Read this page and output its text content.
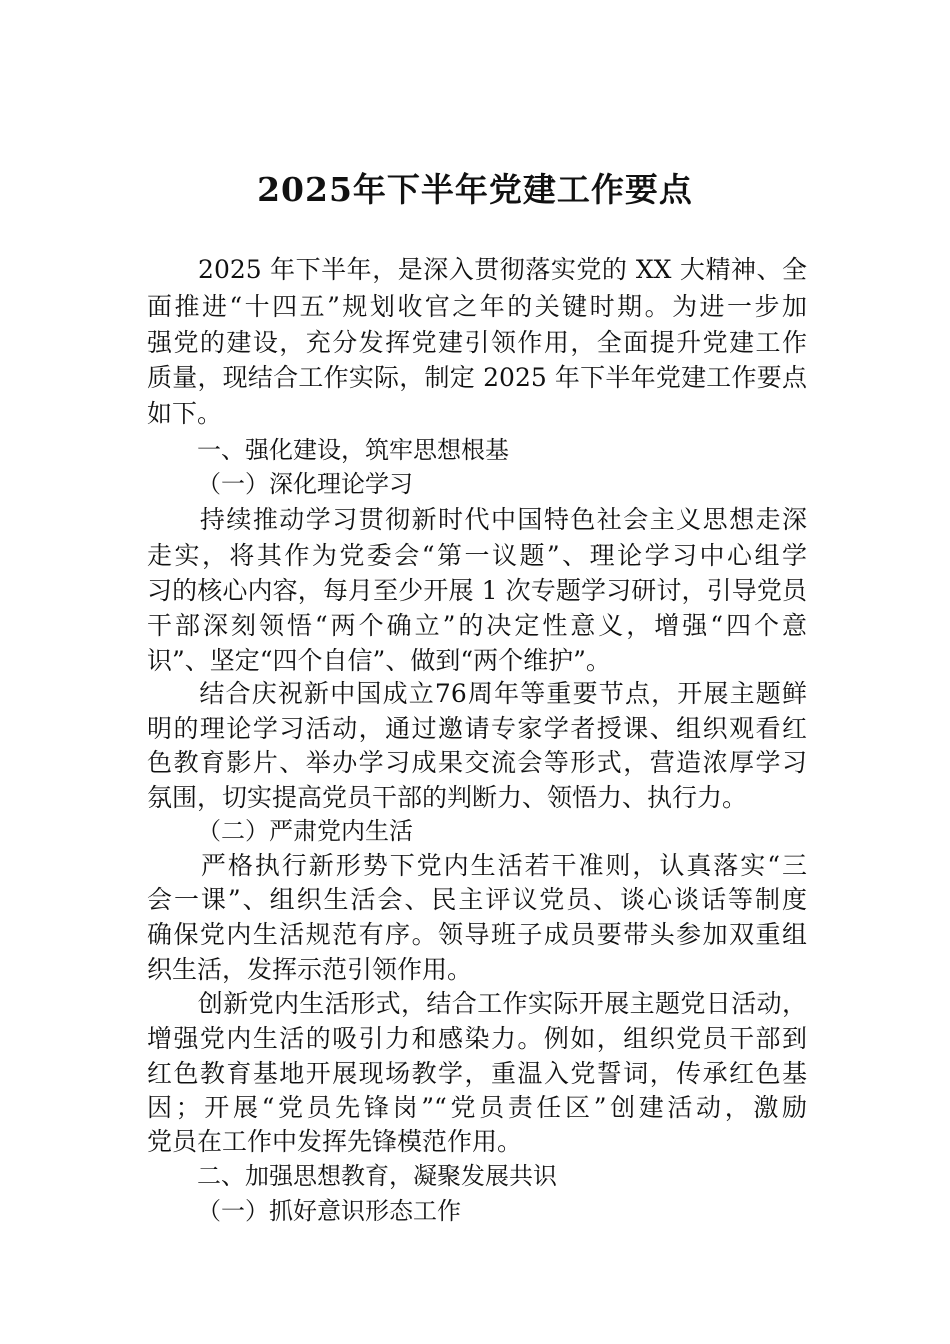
2025年下半年党建工作要点
　　2025 年下半年，是深入贯彻落实党的 XX 大精神、全
面推进“十四五”规划收官之年的关键时期。为进一步加
强党的建设，充分发挥党建引领作用，全面提升党建工作
质量，现结合工作实际，制定 2025 年下半年党建工作要点
如下。
一、强化建设，筑牢思想根基
（一）深化理论学习
　　持续推动学习贯彻新时代中国特色社会主义思想走深
走实，将其作为党委会“第一议题”、理论学习中心组学
习的核心内容，每月至少开展 1 次专题学习研讨，引导党员
干部深刻领悟“两个确立”的决定性意义，增强“四个意
识”、坚定“四个自信”、做到“两个维护”。
　　结合庆祝新中国成立76周年等重要节点，开展主题鲜
明的理论学习活动，通过邀请专家学者授课、组织观看红
色教育影片、举办学习成果交流会等形式，营造浓厚学习
氛围，切实提高党员干部的判断力、领悟力、执行力。
（二）严肃党内生活
　　严格执行新形势下党内生活若干准则，认真落实“三
会一课”、组织生活会、民主评议党员、谈心谈话等制度
确保党内生活规范有序。领导班子成员要带头参加双重组
织生活，发挥示范引领作用。
　　创新党内生活形式，结合工作实际开展主题党日活动，
增强党内生活的吸引力和感染力。例如，组织党员干部到
红色教育基地开展现场教学，重温入党誓词，传承红色基
因；开展“党员先锋岗”“党员责任区”创建活动，激励
党员在工作中发挥先锋模范作用。
二、加强思想教育，凝聚发展共识
（一）抓好意识形态工作
